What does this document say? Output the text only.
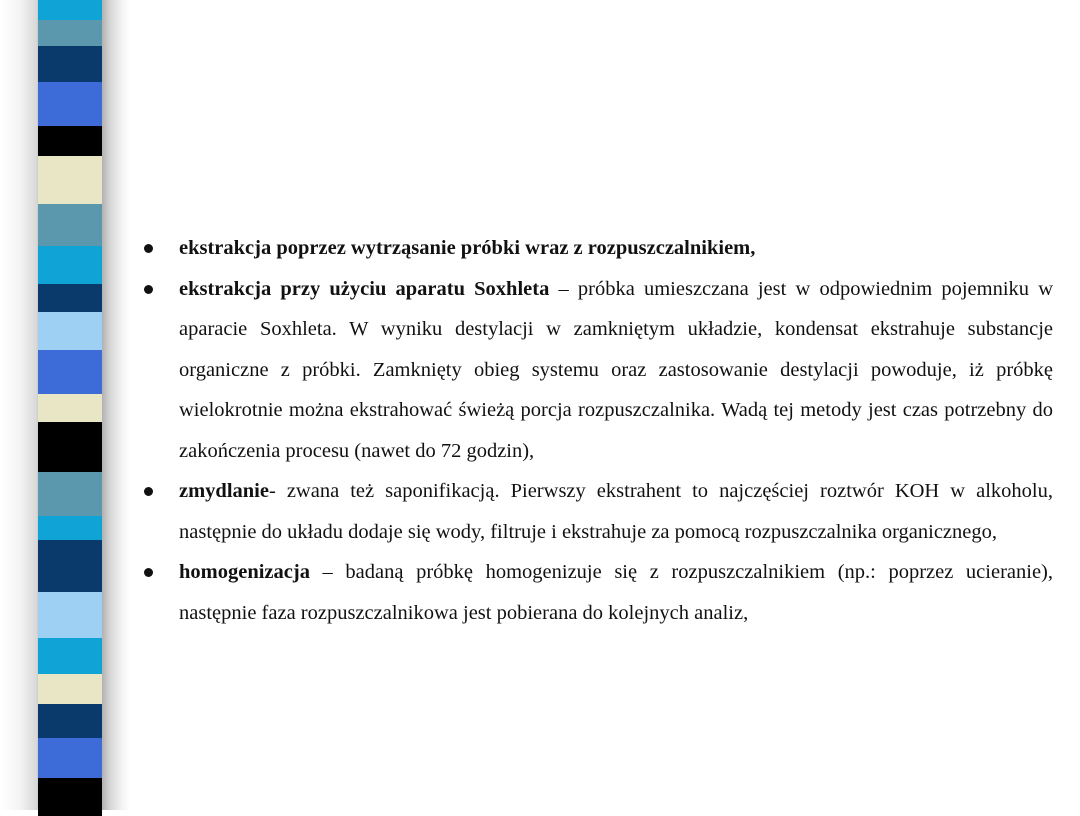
ekstrakcja poprzez wytrząsanie próbki wraz z rozpuszczalnikiem,
ekstrakcja przy użyciu aparatu Soxhleta – próbka umieszczana jest w odpowiednim pojemniku w aparacie Soxhleta. W wyniku destylacji w zamkniętym układzie, kondensat ekstrahuje substancje organiczne z próbki. Zamknięty obieg systemu oraz zastosowanie destylacji powoduje, iż próbkę wielokrotnie można ekstrahować świeżą porcja rozpuszczalnika. Wadą tej metody jest czas potrzebny do zakończenia procesu (nawet do 72 godzin),
zmydlanie- zwana też saponifikacją. Pierwszy ekstrahent to najczęściej roztwór KOH w alkoholu, następnie do układu dodaje się wody, filtruje i ekstrahuje za pomocą rozpuszczalnika organicznego,
homogenizacja – badaną próbkę homogenizuje się z rozpuszczalnikiem (np.: poprzez ucieranie), następnie faza rozpuszczalnikowa jest pobierana do kolejnych analiz,
